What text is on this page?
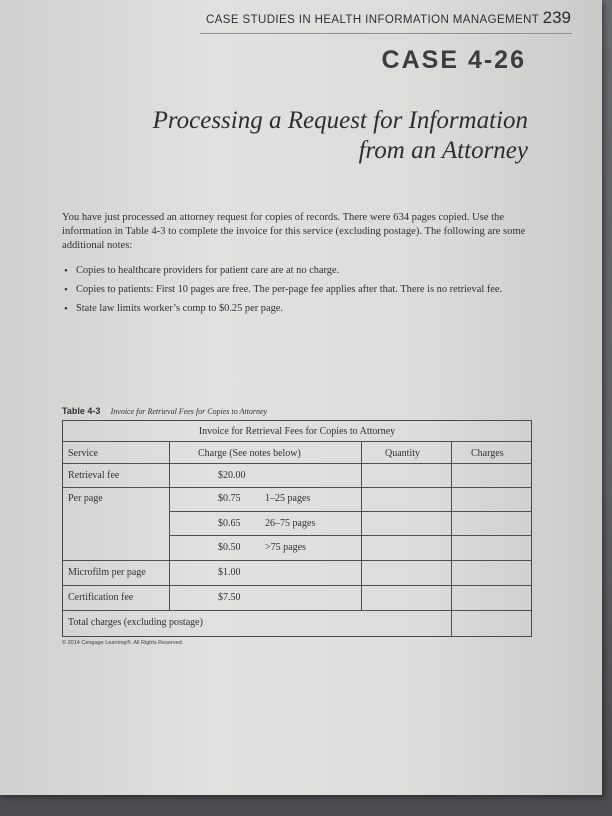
CASE STUDIES IN HEALTH INFORMATION MANAGEMENT 239
CASE 4-26
Processing a Request for Information
from an Attorney
You have just processed an attorney request for copies of records. There were 634 pages copied. Use the information in Table 4-3 to complete the invoice for this service (excluding postage). The following are some additional notes:
• Copies to healthcare providers for patient care are at no charge.
• Copies to patients: First 10 pages are free. The per-page fee applies after that. There is no retrieval fee.
• State law limits worker’s comp to $0.25 per page.
Table 4-3 Invoice for Retrieval Fees for Copies to Attorney
Invoice for Retrieval Fees for Copies to Attorney
Service	Charge (See notes below)	Quantity	Charges
Retrieval fee	$20.00
Per page	$0.75 1–25 pages
$0.65 26–75 pages
$0.50 >75 pages
Microfilm per page	$1.00
Certification fee	$7.50
Total charges (excluding postage)
© 2014 Cengage Learning®. All Rights Reserved.
